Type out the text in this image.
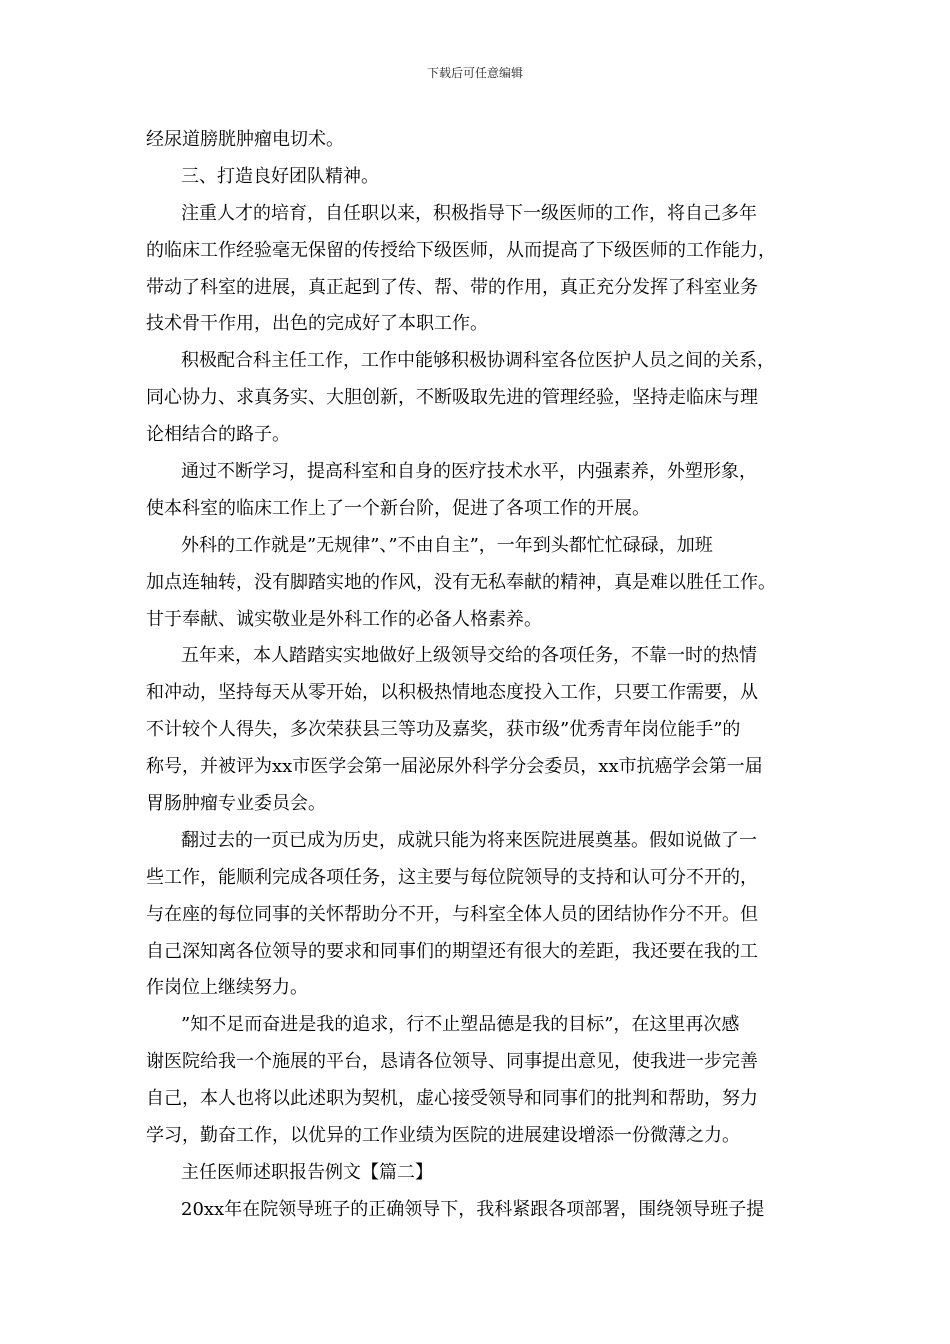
下载后可任意编辑
经尿道膀胱肿瘤电切术。
三、打造良好团队精神。
注重人才的培育，自任职以来，积极指导下一级医师的工作，将自己多年
的临床工作经验毫无保留的传授给下级医师，从而提高了下级医师的工作能力，
带动了科室的进展，真正起到了传、帮、带的作用，真正充分发挥了科室业务
技术骨干作用，出色的完成好了本职工作。
积极配合科主任工作，工作中能够积极协调科室各位医护人员之间的关系，
同心协力、求真务实、大胆创新，不断吸取先进的管理经验，坚持走临床与理
论相结合的路子。
通过不断学习，提高科室和自身的医疗技术水平，内强素养，外塑形象，
使本科室的临床工作上了一个新台阶，促进了各项工作的开展。
外科的工作就是”无规律”、”不由自主”，一年到头都忙忙碌碌，加班
加点连轴转，没有脚踏实地的作风，没有无私奉献的精神，真是难以胜任工作。
甘于奉献、诚实敬业是外科工作的必备人格素养。
五年来，本人踏踏实实地做好上级领导交给的各项任务，不靠一时的热情
和冲动，坚持每天从零开始，以积极热情地态度投入工作，只要工作需要，从
不计较个人得失，多次荣获县三等功及嘉奖，获市级”优秀青年岗位能手”的
称号，并被评为xx市医学会第一届泌尿外科学分会委员，xx市抗癌学会第一届
胃肠肿瘤专业委员会。
翻过去的一页已成为历史，成就只能为将来医院进展奠基。假如说做了一
些工作，能顺利完成各项任务，这主要与每位院领导的支持和认可分不开的，
与在座的每位同事的关怀帮助分不开，与科室全体人员的团结协作分不开。但
自己深知离各位领导的要求和同事们的期望还有很大的差距，我还要在我的工
作岗位上继续努力。
”知不足而奋进是我的追求，行不止塑品德是我的目标”，在这里再次感
谢医院给我一个施展的平台，恳请各位领导、同事提出意见，使我进一步完善
自己，本人也将以此述职为契机，虚心接受领导和同事们的批判和帮助，努力
学习，勤奋工作，以优异的工作业绩为医院的进展建设增添一份微薄之力。
主任医师述职报告例文【篇二】
20xx年在院领导班子的正确领导下，我科紧跟各项部署，围绕领导班子提
